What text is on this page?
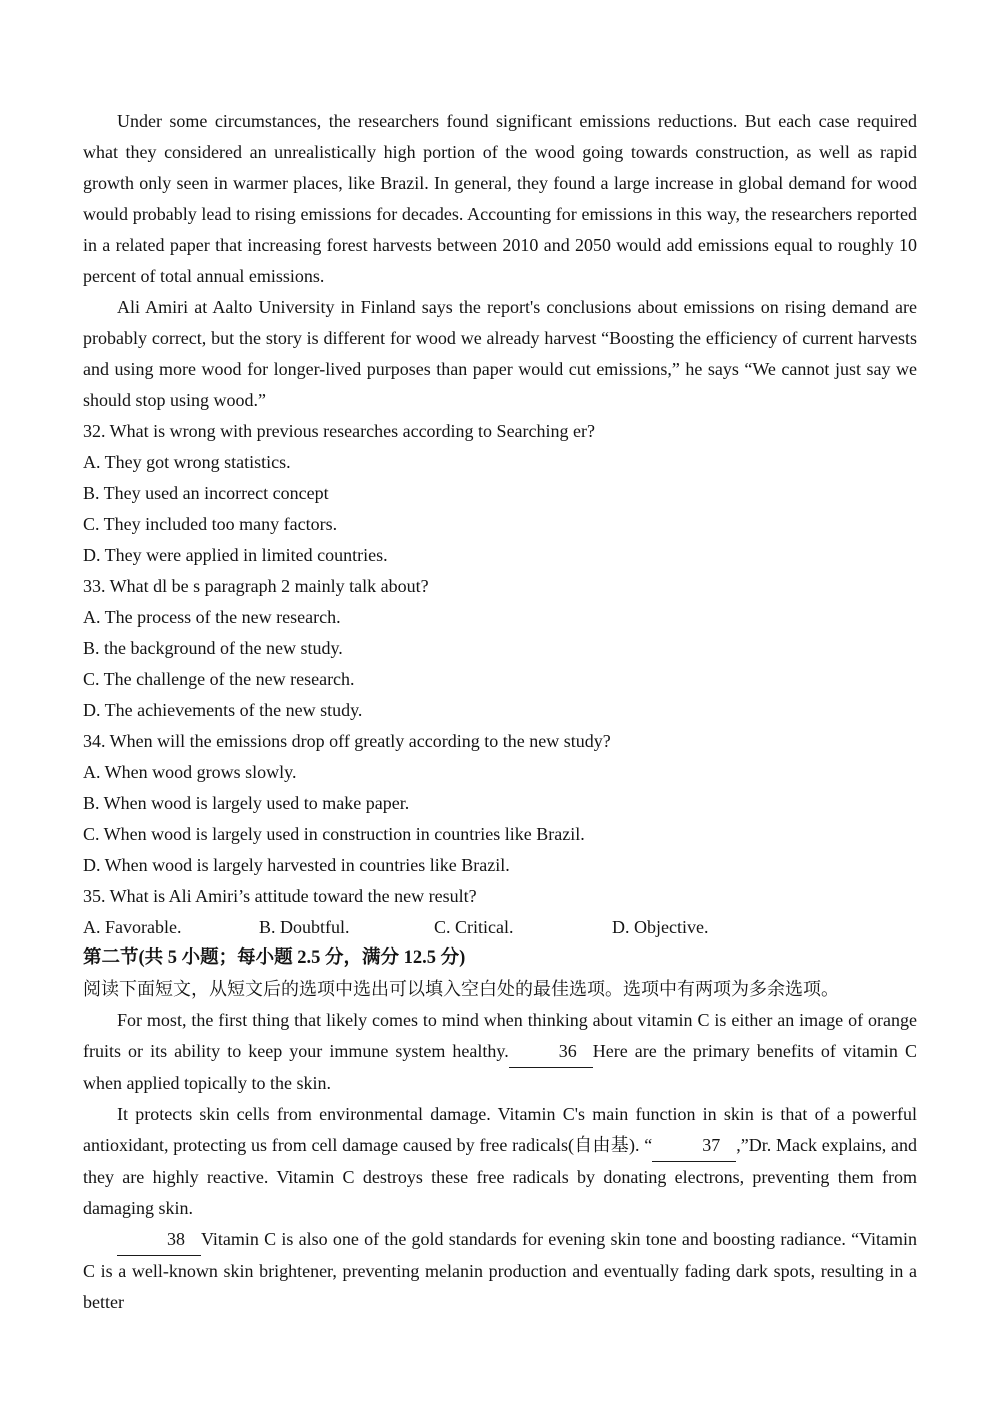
Under some circumstances, the researchers found significant emissions reductions. But each case required what they considered an unrealistically high portion of the wood going towards construction, as well as rapid growth only seen in warmer places, like Brazil. In general, they found a large increase in global demand for wood would probably lead to rising emissions for decades. Accounting for emissions in this way, the researchers reported in a related paper that increasing forest harvests between 2010 and 2050 would add emissions equal to roughly 10 percent of total annual emissions.

Ali Amiri at Aalto University in Finland says the report's conclusions about emissions on rising demand are probably correct, but the story is different for wood we already harvest “Boosting the efficiency of current harvests and using more wood for longer-lived purposes than paper would cut emissions,” he says “We cannot just say we should stop using wood.”

32. What is wrong with previous researches according to Searching er?

A. They got wrong statistics.

B. They used an incorrect concept

C. They included too many factors.

D. They were applied in limited countries.

33. What dl be s paragraph 2 mainly talk about?

A. The process of the new research.

B. the background of the new study.

C. The challenge of the new research.

D. The achievements of the new study.

34. When will the emissions drop off greatly according to the new study?

A. When wood grows slowly.

B. When wood is largely used to make paper.

C. When wood is largely used in construction in countries like Brazil.

D. When wood is largely harvested in countries like Brazil.

35. What is Ali Amiri’s attitude toward the new result?

A. Favorable.	B. Doubtful.	C. Critical.	D. Objective.

第二节(共 5 小题；每小题 2.5 分，满分 12.5 分)

阅读下面短文，从短文后的选项中选出可以填入空白处的最佳选项。选项中有两项为多余选项。

For most, the first thing that likely comes to mind when thinking about vitamin C is either an image of orange fruits or its ability to keep your immune system healthy.	36 Here are the primary benefits of vitamin C when applied topically to the skin.

It protects skin cells from environmental damage. Vitamin C's main function in skin is that of a powerful antioxidant, protecting us from cell damage caused by free radicals(自由基). “	37 ,”Dr. Mack explains, and they are highly reactive. Vitamin C destroys these free radicals by donating electrons, preventing them from damaging skin.

38 Vitamin C is also one of the gold standards for evening skin tone and boosting radiance. “Vitamin C is a well-known skin brightener, preventing melanin production and eventually fading dark spots, resulting in a better
